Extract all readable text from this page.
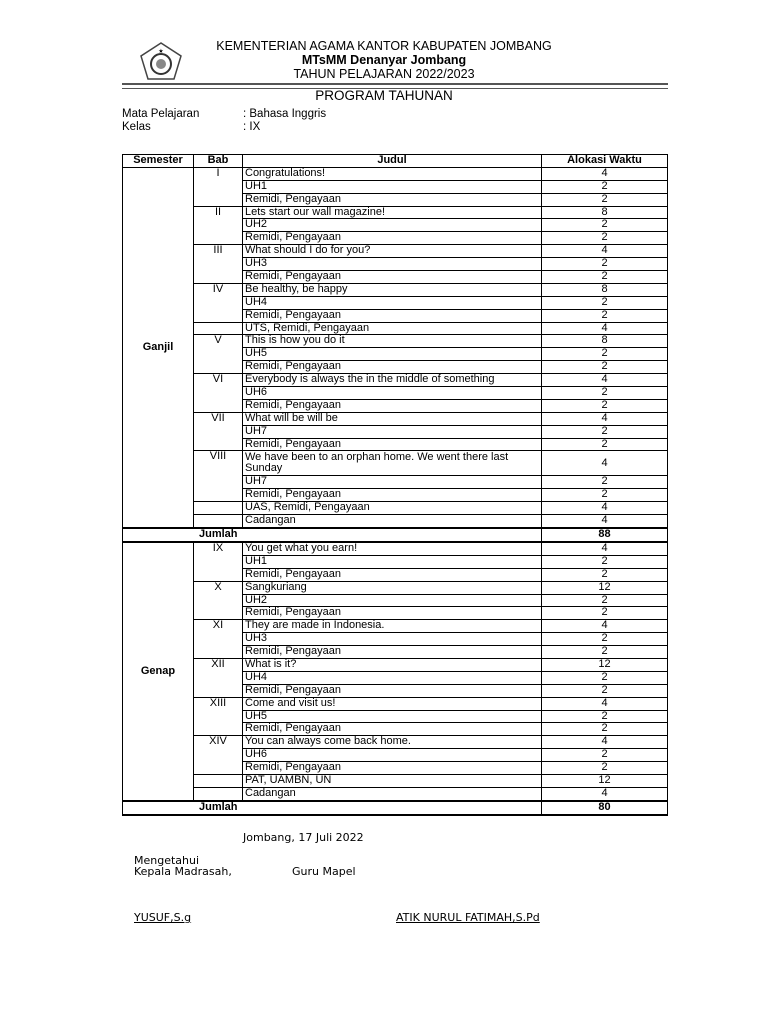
★	KEMENTERIAN AGAMA KANTOR KABUPATEN JOMBANG
MTsMM Denanyar Jombang
TAHUN PELAJARAN 2022/2023
PROGRAM TAHUNAN
Mata Pelajaran	: Bahasa Inggris
Kelas	: IX
Semester	Bab	Judul	Alokasi Waktu
Ganjil	I	Congratulations!	4
		UH1	2
		Remidi, Pengayaan	2
	II	Lets start our wall magazine!	8
		UH2	2
		Remidi, Pengayaan	2
	III	What should I do for you?	4
		UH3	2
		Remidi, Pengayaan	2
	IV	Be healthy, be happy	8
		UH4	2
		Remidi, Pengayaan	2
		UTS, Remidi, Pengayaan	4
	V	This is how you do it	8
		UH5	2
		Remidi, Pengayaan	2
	VI	Everybody is always the in the middle of something	4
		UH6	2
		Remidi, Pengayaan	2
	VII	What will be will be	4
		UH7	2
		Remidi, Pengayaan	2
	VIII	We have been to an orphan home. We went there last Sunday	4
		UH7	2
		Remidi, Pengayaan	2
		UAS, Remidi, Pengayaan	4
		Cadangan	4
Jumlah			88
Genap	IX	You get what you earn!	4
		UH1	2
		Remidi, Pengayaan	2
	X	Sangkuriang	12
		UH2	2
		Remidi, Pengayaan	2
	XI	They are made in Indonesia.	4
		UH3	2
		Remidi, Pengayaan	2
	XII	What is it?	12
		UH4	2
		Remidi, Pengayaan	2
	XIII	Come and visit us!	4
		UH5	2
		Remidi, Pengayaan	2
	XIV	You can always come back home.	4
		UH6	2
		Remidi, Pengayaan	2
		PAT, UAMBN, UN	12
		Cadangan	4
Jumlah			80
Jombang, 17 Juli 2022
Mengetahui
Kepala Madrasah,	Guru Mapel
YUSUF,S.g	ATIK NURUL FATIMAH,S.Pd
